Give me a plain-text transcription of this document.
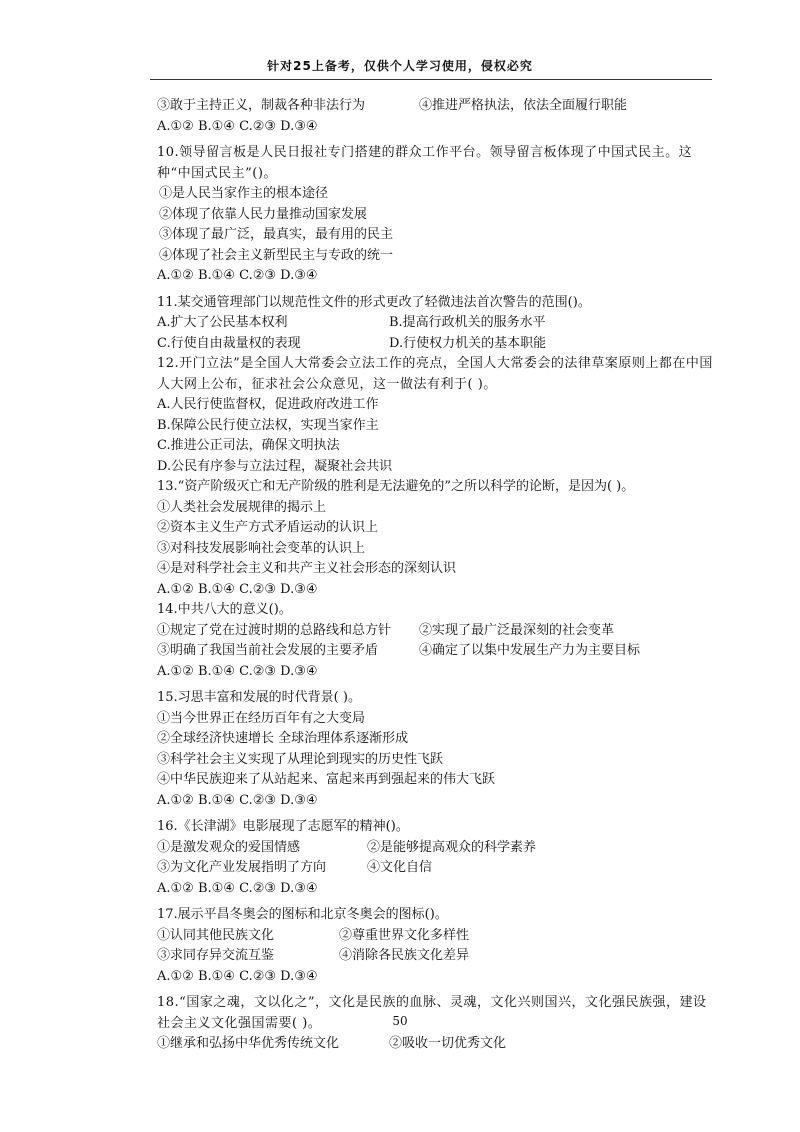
针对25上备考，仅供个人学习使用，侵权必究
③敢于主持正义，制裁各种非法行为	④推进严格执法，依法全面履行职能
A.①② B.①④ C.②③ D.③④
10.领导留言板是人民日报社专门搭建的群众工作平台。领导留言板体现了中国式民主。这种“中国式民主”()。
①是人民当家作主的根本途径
②体现了依靠人民力量推动国家发展
③体现了最广泛，最真实，最有用的民主
④体现了社会主义新型民主与专政的统一
A.①② B.①④ C.②③ D.③④
11.某交通管理部门以规范性文件的形式更改了轻微违法首次警告的范围()。
A.扩大了公民基本权利	B.提高行政机关的服务水平
C.行使自由裁量权的表现	D.行使权力机关的基本职能
12.开门立法”是全国人大常委会立法工作的亮点，全国人大常委会的法律草案原则上都在中国人大网上公布，征求社会公众意见，这一做法有利于( )。
A.人民行使监督权，促进政府改进工作
B.保障公民行使立法权，实现当家作主
C.推进公正司法，确保文明执法
D.公民有序参与立法过程，凝聚社会共识
13.“资产阶级灭亡和无产阶级的胜利是无法避免的”之所以科学的论断，是因为( )。
①人类社会发展规律的揭示上
②资本主义生产方式矛盾运动的认识上
③对科技发展影响社会变革的认识上
④是对科学社会主义和共产主义社会形态的深刻认识
A.①② B.①④ C.②③ D.③④
14.中共八大的意义()。
①规定了党在过渡时期的总路线和总方针	②实现了最广泛最深刻的社会变革
③明确了我国当前社会发展的主要矛盾	④确定了以集中发展生产力为主要目标
A.①② B.①④ C.②③ D.③④
15.习思丰富和发展的时代背景( )。
①当今世界正在经历百年有之大变局
②全球经济快速增长 全球治理体系逐渐形成
③科学社会主义实现了从理论到现实的历史性飞跃
④中华民族迎来了从站起来、富起来再到强起来的伟大飞跃
A.①② B.①④ C.②③ D.③④
16.《长津湖》电影展现了志愿军的精神()。
①是激发观众的爱国情感	②是能够提高观众的科学素养
③为文化产业发展指明了方向	④文化自信
A.①② B.①④ C.②③ D.③④
17.展示平昌冬奥会的图标和北京冬奥会的图标()。
①认同其他民族文化	②尊重世界文化多样性
③求同存异交流互鉴	④消除各民族文化差异
A.①② B.①④ C.②③ D.③④
18.“国家之魂，文以化之”，文化是民族的血脉、灵魂，文化兴则国兴，文化强民族强，建设社会主义文化强国需要( )。
①继承和弘扬中华优秀传统文化	②吸收一切优秀文化
50
